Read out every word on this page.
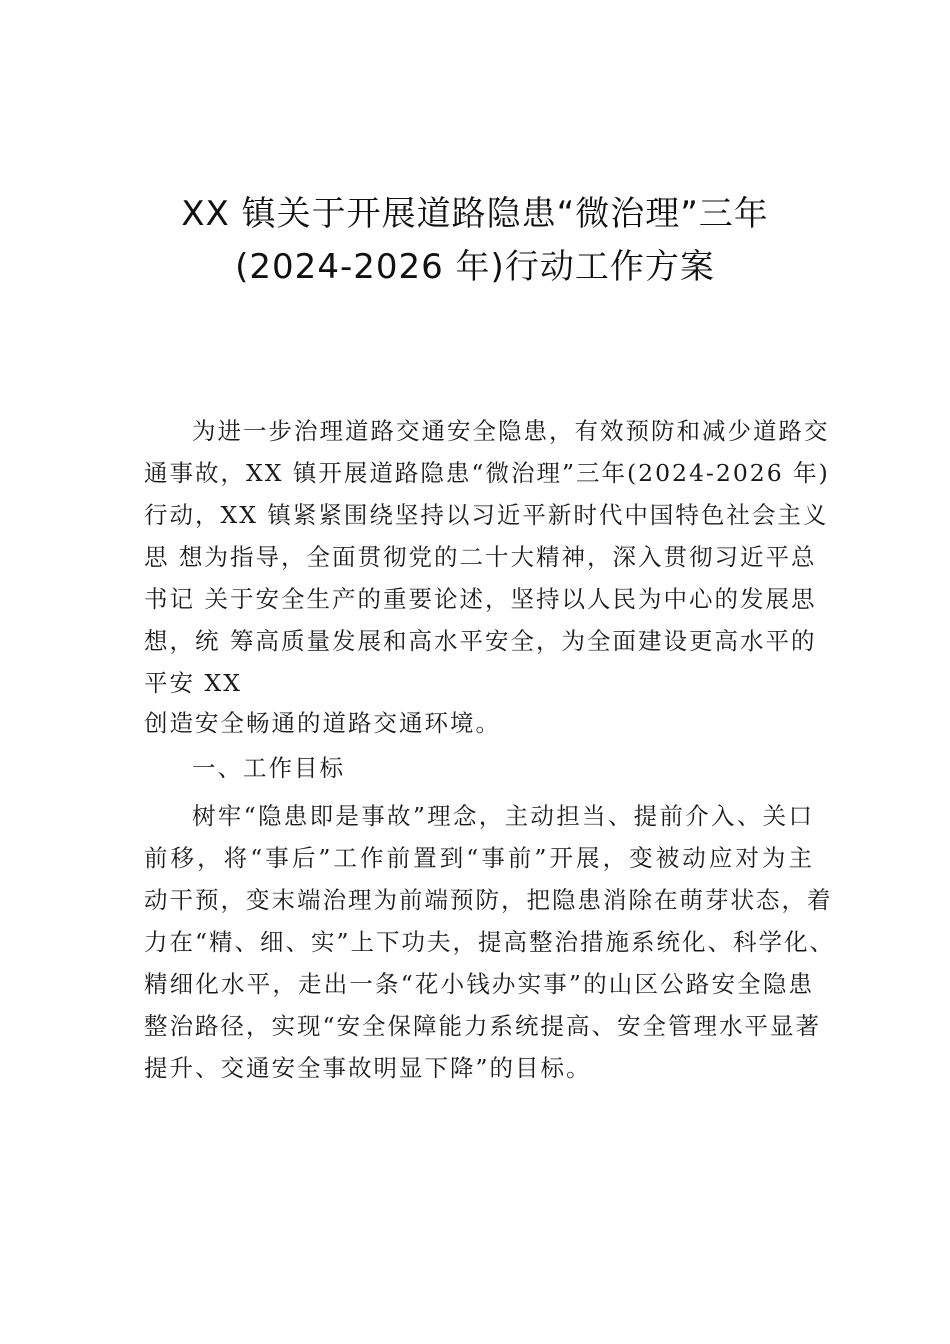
XX 镇关于开展道路隐患“微治理”三年
(2024-2026 年)行动工作方案
为进一步治理道路交通安全隐患，有效预防和减少道路交
通事故，XX 镇开展道路隐患“微治理”三年(2024-2026 年)
行动，XX 镇紧紧围绕坚持以习近平新时代中国特色社会主义
思 想为指导，全面贯彻党的二十大精神，深入贯彻习近平总
书记 关于安全生产的重要论述，坚持以人民为中心的发展思
想，统 筹高质量发展和高水平安全，为全面建设更高水平的
平安 XX
创造安全畅通的道路交通环境。
一、工作目标
树牢“隐患即是事故”理念，主动担当、提前介入、关口
前移，将“事后”工作前置到“事前”开展，变被动应对为主
动干预，变末端治理为前端预防，把隐患消除在萌芽状态，着
力在“精、细、实”上下功夫，提高整治措施系统化、科学化、
精细化水平，走出一条“花小钱办实事”的山区公路安全隐患
整治路径，实现“安全保障能力系统提高、安全管理水平显著
提升、交通安全事故明显下降”的目标。
